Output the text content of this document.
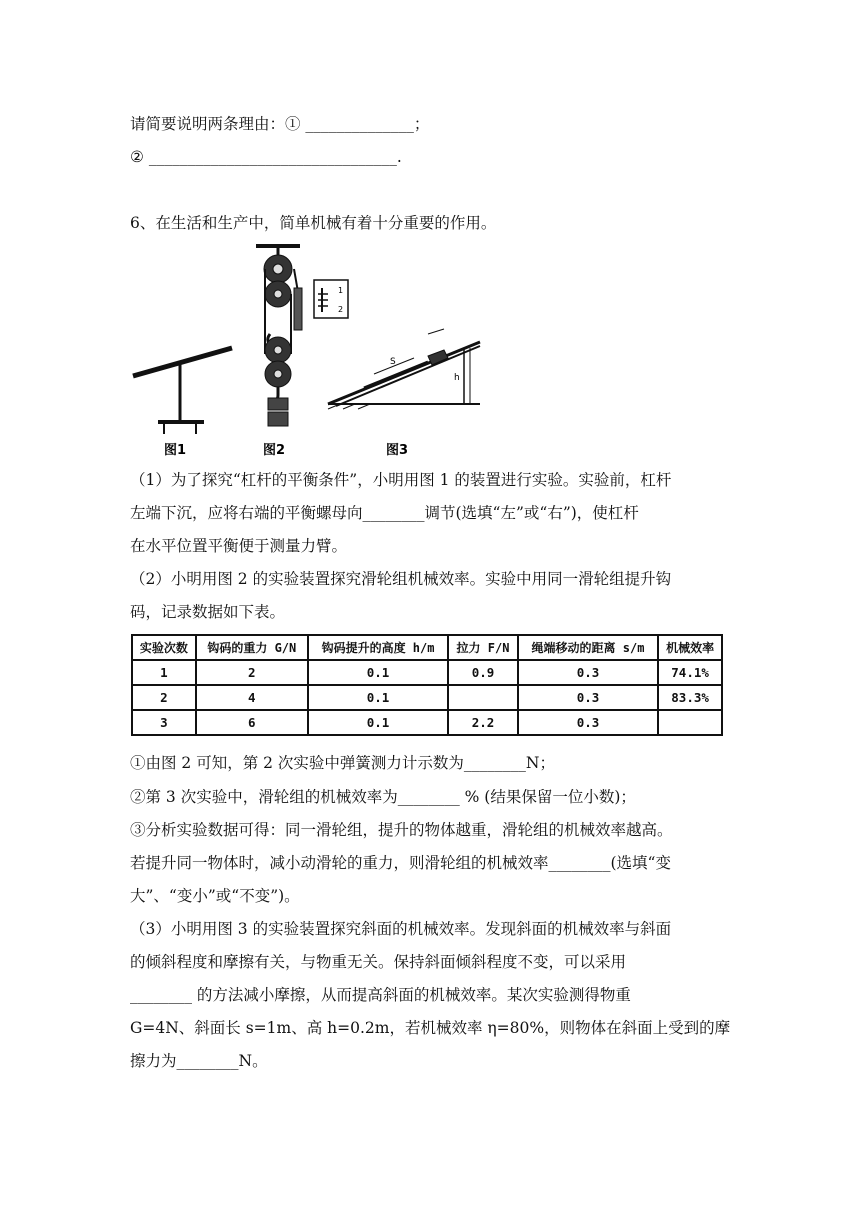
请简要说明两条理由：① ______________；
② ________________________________.
6、在生活和生产中，简单机械有着十分重要的作用。
图1
1
2
图2
S
h
图3
（1）为了探究“杠杆的平衡条件”，小明用图 1 的装置进行实验。实验前，杠杆
左端下沉，应将右端的平衡螺母向________调节(选填“左”或“右”)，使杠杆
在水平位置平衡便于测量力臂。
（2）小明用图 2 的实验装置探究滑轮组机械效率。实验中用同一滑轮组提升钩
码，记录数据如下表。
实验次数	钩码的重力 G/N	钩码提升的高度 h/m	拉力 F/N	绳端移动的距离 s/m	机械效率
1	2	0.1	0.9	0.3	74.1%
2	4	0.1		0.3	83.3%
3	6	0.1	2.2	0.3	
①由图 2 可知，第 2 次实验中弹簧测力计示数为________N；
②第 3 次实验中，滑轮组的机械效率为________ % (结果保留一位小数)；
③分析实验数据可得：同一滑轮组，提升的物体越重，滑轮组的机械效率越高。
若提升同一物体时，减小动滑轮的重力，则滑轮组的机械效率________(选填“变
大”、“变小”或“不变”)。
（3）小明用图 3 的实验装置探究斜面的机械效率。发现斜面的机械效率与斜面
的倾斜程度和摩擦有关，与物重无关。保持斜面倾斜程度不变，可以采用
________ 的方法减小摩擦，从而提高斜面的机械效率。某次实验测得物重
G=4N、斜面长 s=1m、高 h=0.2m，若机械效率 η=80%，则物体在斜面上受到的摩
擦力为________N。
